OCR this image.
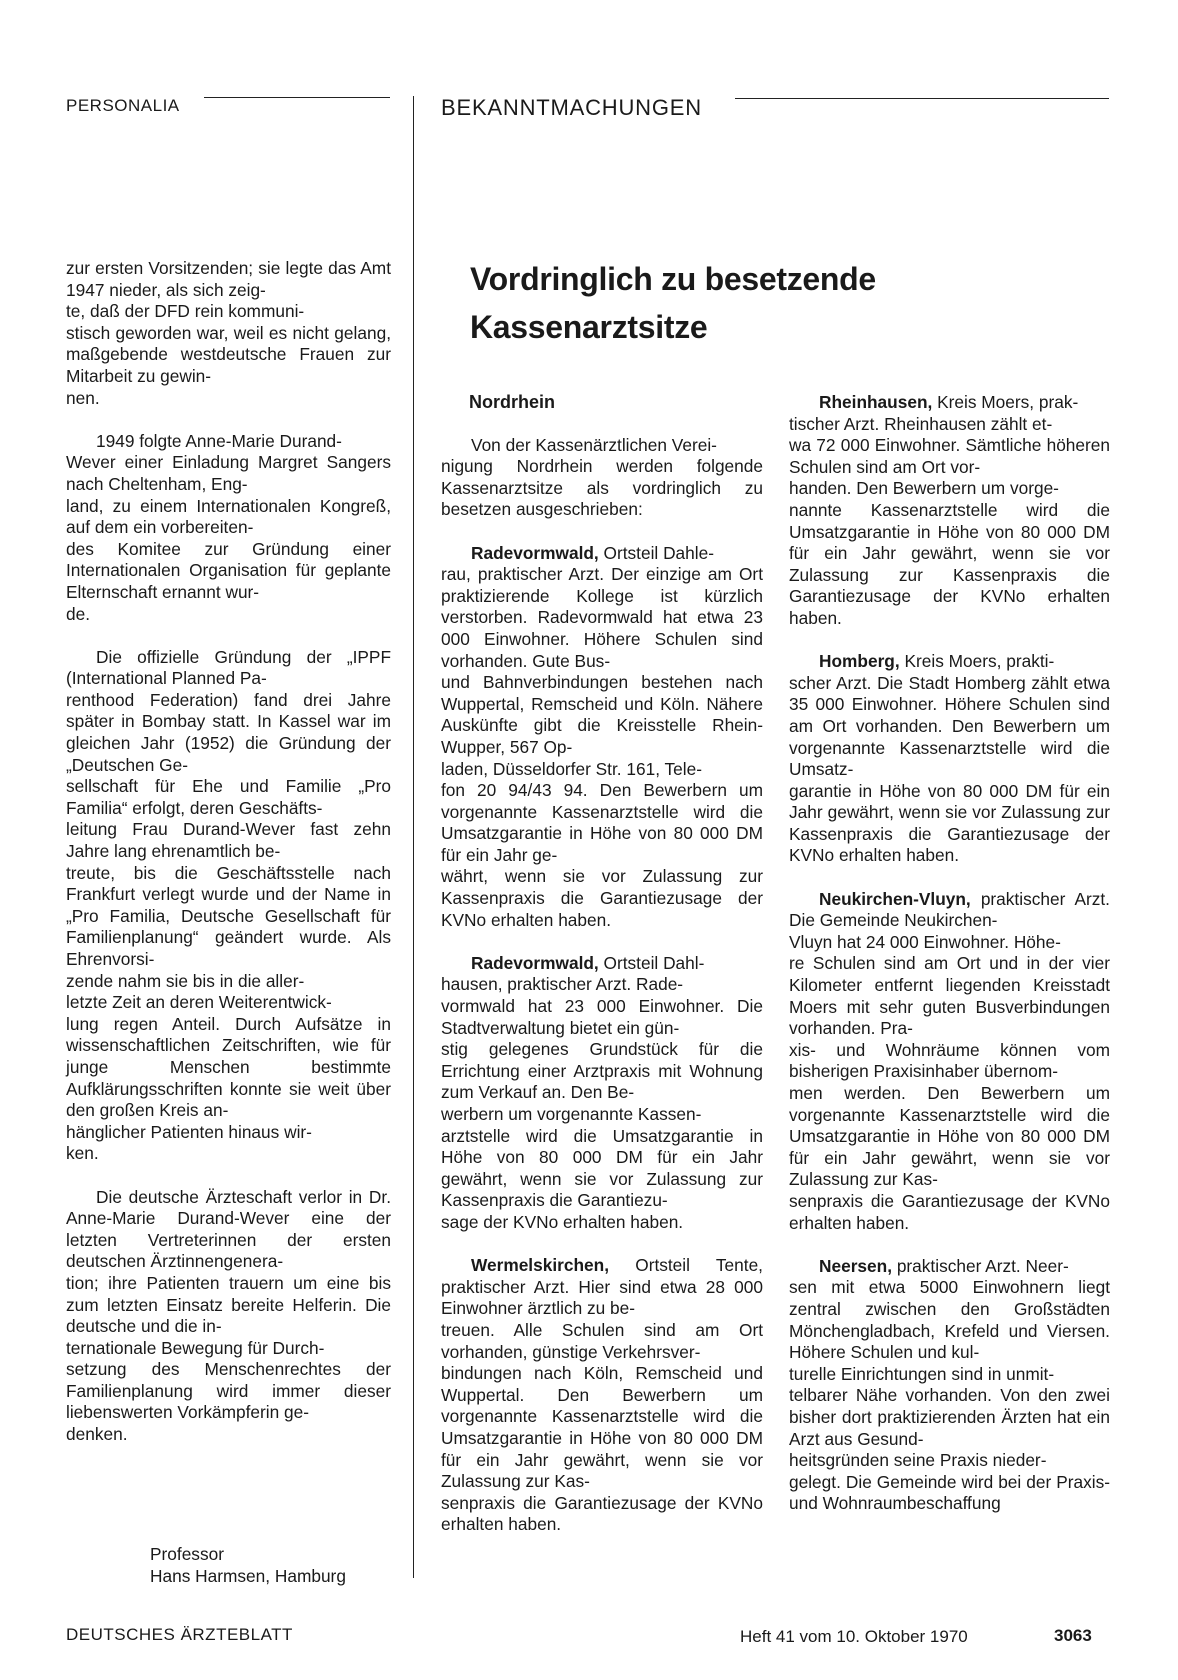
PERSONALIA	BEKANNTMACHUNGEN

zur ersten Vorsitzenden; sie legte das Amt 1947 nieder, als sich zeig-
te, daß der DFD rein kommuni-
stisch geworden war, weil es nicht gelang, maßgebende westdeutsche Frauen zur Mitarbeit zu gewin-
nen.

1949 folgte Anne-Marie Durand-
Wever einer Einladung Margret Sangers nach Cheltenham, Eng-
land, zu einem Internationalen Kongreß, auf dem ein vorbereiten-
des Komitee zur Gründung einer Internationalen Organisation für geplante Elternschaft ernannt wur-
de.

Die offizielle Gründung der „IPPF (International Planned Pa-
renthood Federation) fand drei Jahre später in Bombay statt. In Kassel war im gleichen Jahr (1952) die Gründung der „Deutschen Ge-
sellschaft für Ehe und Familie „Pro Familia“ erfolgt, deren Geschäfts-
leitung Frau Durand-Wever fast zehn Jahre lang ehrenamtlich be-
treute, bis die Geschäftsstelle nach Frankfurt verlegt wurde und der Name in „Pro Familia, Deutsche Gesellschaft für Familienplanung“ geändert wurde. Als Ehrenvorsi-
zende nahm sie bis in die aller-
letzte Zeit an deren Weiterentwick-
lung regen Anteil. Durch Aufsätze in wissenschaftlichen Zeitschriften, wie für junge Menschen bestimmte Aufklärungsschriften konnte sie weit über den großen Kreis an-
hänglicher Patienten hinaus wir-
ken.

Die deutsche Ärzteschaft verlor in Dr. Anne-Marie Durand-Wever eine der letzten Vertreterinnen der ersten deutschen Ärztinnengenera-
tion; ihre Patienten trauern um eine bis zum letzten Einsatz bereite Helferin. Die deutsche und die in-
ternationale Bewegung für Durch-
setzung des Menschenrechtes der Familienplanung wird immer dieser liebenswerten Vorkämpferin ge-
denken.

Professor
Hans Harmsen, Hamburg
Vordringlich zu besetzende
Kassenarztsitze
Nordrhein

Von der Kassenärztlichen Verei-
nigung Nordrhein werden folgende Kassenarztsitze als vordringlich zu besetzen ausgeschrieben:

Radevormwald, Ortsteil Dahle-
rau, praktischer Arzt. Der einzige am Ort praktizierende Kollege ist kürzlich verstorben. Radevormwald hat etwa 23 000 Einwohner. Höhere Schulen sind vorhanden. Gute Bus-
und Bahnverbindungen bestehen nach Wuppertal, Remscheid und Köln. Nähere Auskünfte gibt die Kreisstelle Rhein-Wupper, 567 Op-
laden, Düsseldorfer Str. 161, Tele-
fon 20 94/43 94. Den Bewerbern um vorgenannte Kassenarztstelle wird die Umsatzgarantie in Höhe von 80 000 DM für ein Jahr ge-
währt, wenn sie vor Zulassung zur Kassenpraxis die Garantiezusage der KVNo erhalten haben.

Radevormwald, Ortsteil Dahl-
hausen, praktischer Arzt. Rade-
vormwald hat 23 000 Einwohner. Die Stadtverwaltung bietet ein gün-
stig gelegenes Grundstück für die Errichtung einer Arztpraxis mit Wohnung zum Verkauf an. Den Be-
werbern um vorgenannte Kassen-
arztstelle wird die Umsatzgarantie in Höhe von 80 000 DM für ein Jahr gewährt, wenn sie vor Zulassung zur Kassenpraxis die Garantiezu-
sage der KVNo erhalten haben.

Wermelskirchen, Ortsteil Tente, praktischer Arzt. Hier sind etwa 28 000 Einwohner ärztlich zu be-
treuen. Alle Schulen sind am Ort vorhanden, günstige Verkehrsver-
bindungen nach Köln, Remscheid und Wuppertal. Den Bewerbern um vorgenannte Kassenarztstelle wird die Umsatzgarantie in Höhe von 80 000 DM für ein Jahr gewährt, wenn sie vor Zulassung zur Kas-
senpraxis die Garantiezusage der KVNo erhalten haben.

Rheinhausen, Kreis Moers, prak-
tischer Arzt. Rheinhausen zählt et-
wa 72 000 Einwohner. Sämtliche höheren Schulen sind am Ort vor-
handen. Den Bewerbern um vorge-
nannte Kassenarztstelle wird die Umsatzgarantie in Höhe von 80 000 DM für ein Jahr gewährt, wenn sie vor Zulassung zur Kassenpraxis die Garantiezusage der KVNo erhalten haben.

Homberg, Kreis Moers, prakti-
scher Arzt. Die Stadt Homberg zählt etwa 35 000 Einwohner. Höhere Schulen sind am Ort vorhanden. Den Bewerbern um vorgenannte Kassenarztstelle wird die Umsatz-
garantie in Höhe von 80 000 DM für ein Jahr gewährt, wenn sie vor Zulassung zur Kassenpraxis die Garantiezusage der KVNo erhalten haben.

Neukirchen-Vluyn, praktischer Arzt. Die Gemeinde Neukirchen-
Vluyn hat 24 000 Einwohner. Höhe-
re Schulen sind am Ort und in der vier Kilometer entfernt liegenden Kreisstadt Moers mit sehr guten Busverbindungen vorhanden. Pra-
xis- und Wohnräume können vom bisherigen Praxisinhaber übernom-
men werden. Den Bewerbern um vorgenannte Kassenarztstelle wird die Umsatzgarantie in Höhe von 80 000 DM für ein Jahr gewährt, wenn sie vor Zulassung zur Kas-
senpraxis die Garantiezusage der KVNo erhalten haben.

Neersen, praktischer Arzt. Neer-
sen mit etwa 5000 Einwohnern liegt zentral zwischen den Großstädten Mönchengladbach, Krefeld und Viersen. Höhere Schulen und kul-
turelle Einrichtungen sind in unmit-
telbarer Nähe vorhanden. Von den zwei bisher dort praktizierenden Ärzten hat ein Arzt aus Gesund-
heitsgründen seine Praxis nieder-
gelegt. Die Gemeinde wird bei der Praxis- und Wohnraumbeschaffung

DEUTSCHES ÄRZTEBLATT	Heft 41 vom 10. Oktober 1970	3063
